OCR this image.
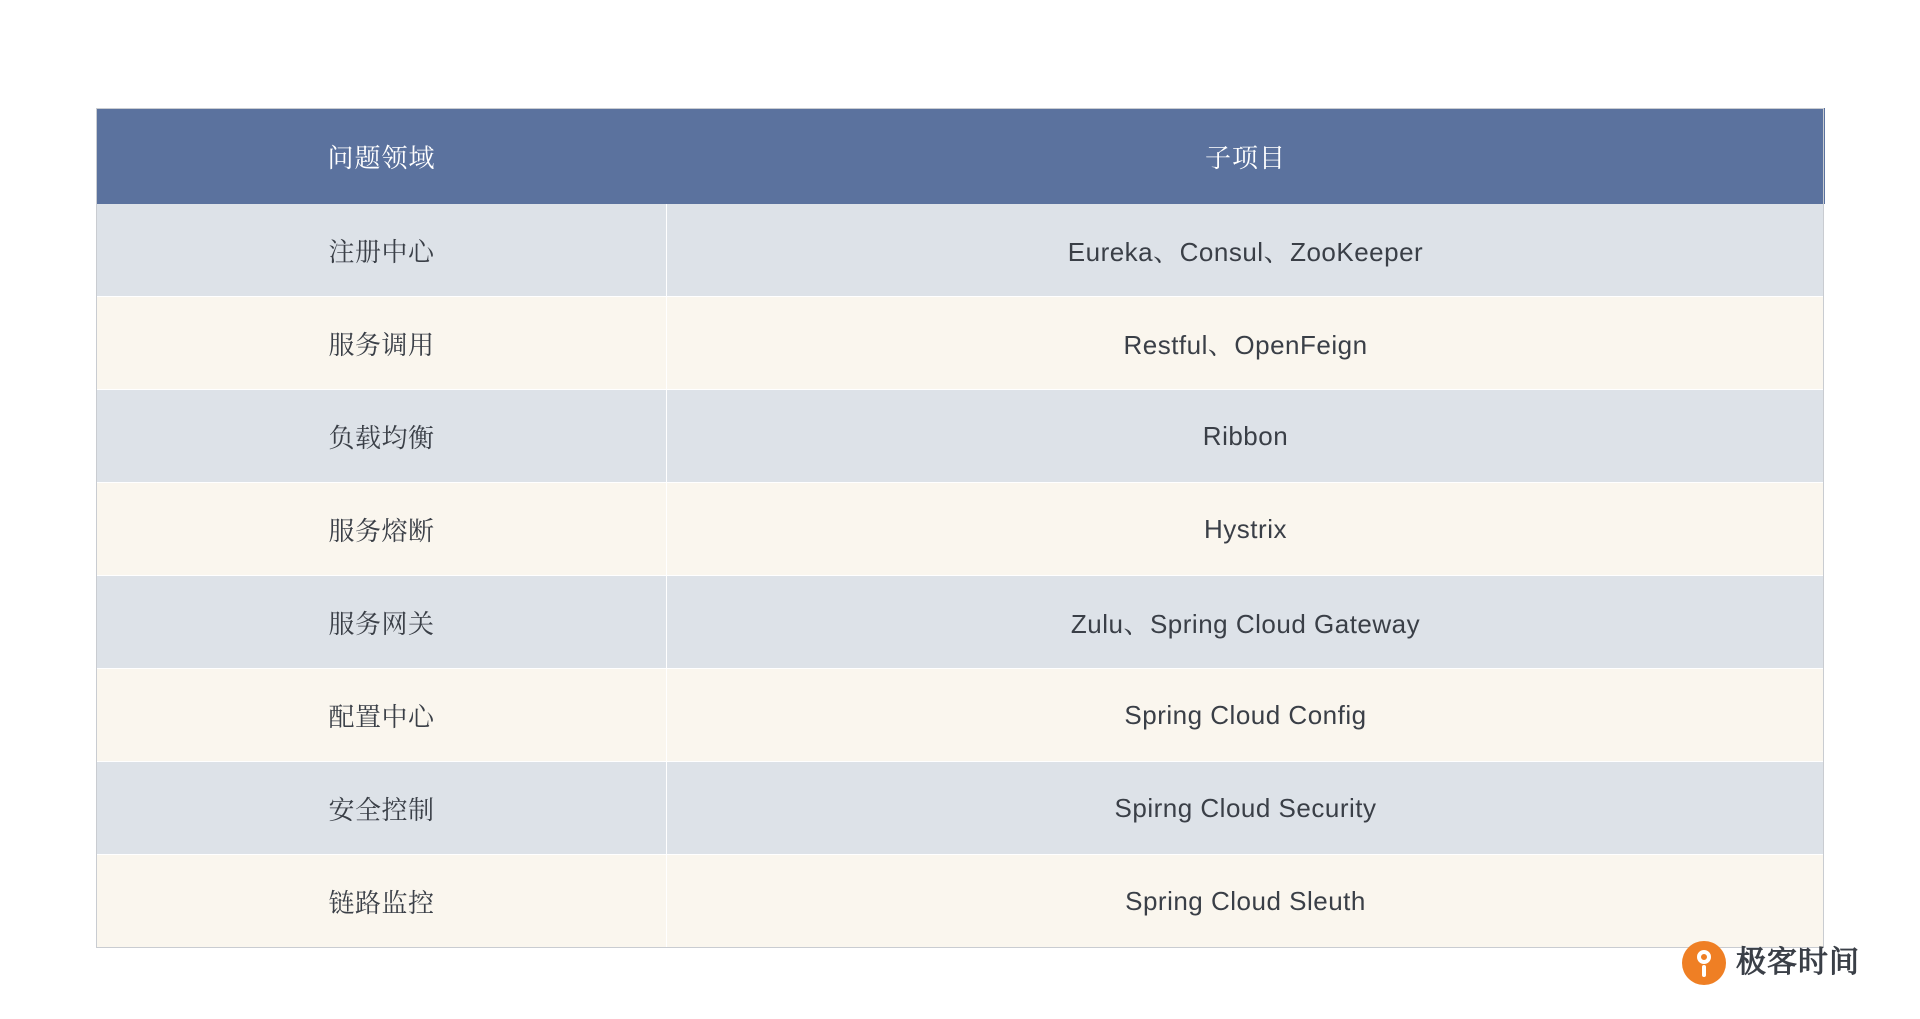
问题领域	子项目
注册中心	Eureka、Consul、ZooKeeper
服务调用	Restful、OpenFeign
负载均衡	Ribbon
服务熔断	Hystrix
服务网关	Zulu、Spring Cloud Gateway
配置中心	Spring Cloud Config
安全控制	Spirng Cloud Security
链路监控	Spring Cloud Sleuth
极客时间
